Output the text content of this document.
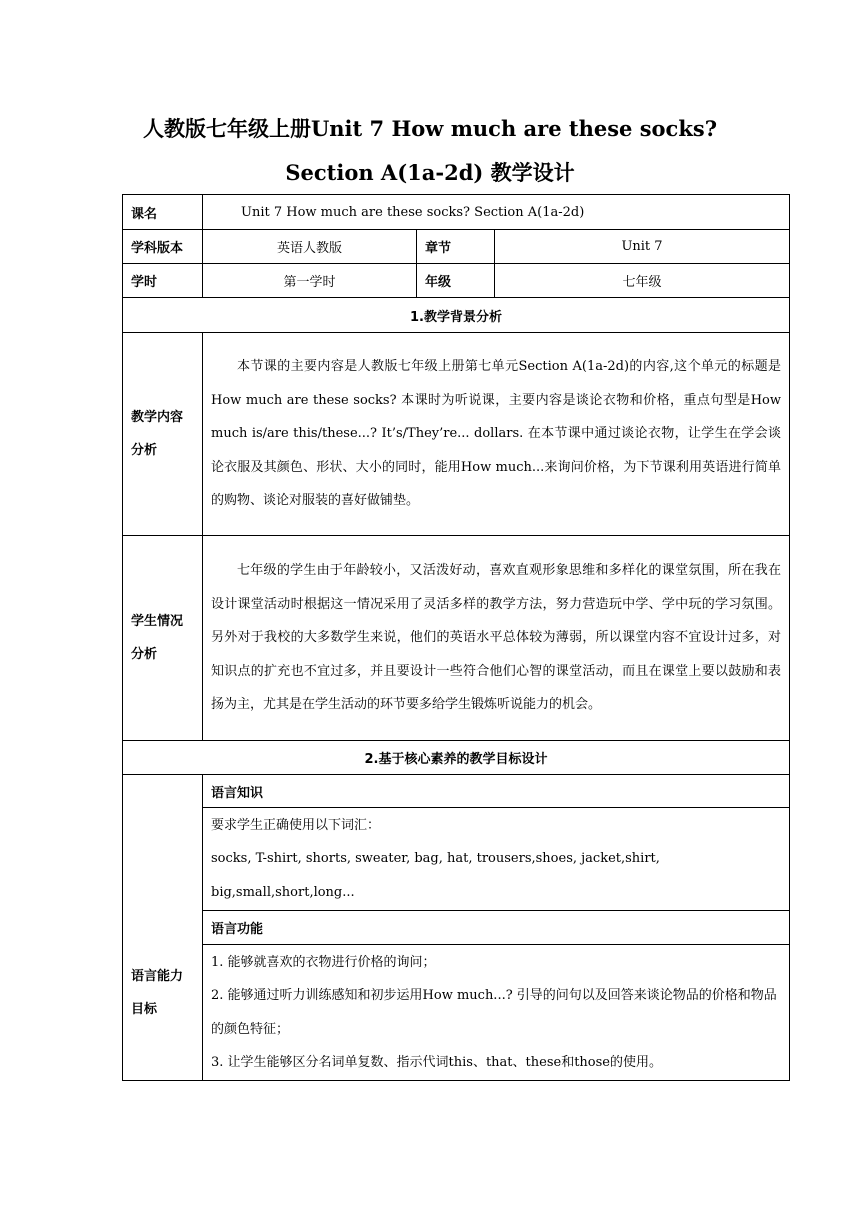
人教版七年级上册Unit 7 How much are these socks?
Section A(1a-2d) 教学设计
课名	Unit 7 How much are these socks? Section A(1a-2d)		
学科版本	英语人教版	章节	Unit 7
学时	第一学时	年级	七年级
1.教学背景分析			

教学内容
分析	本节课的主要内容是人教版七年级上册第七单元Section A(1a-2d)的内容,这个单元的标题是How much are these socks? 本课时为听说课，主要内容是谈论衣物和价格，重点句型是How much is/are this/these...? It’s/They’re... dollars. 在本节课中通过谈论衣物，让学生在学会谈论衣服及其颜色、形状、大小的同时，能用How much...来询问价格，为下节课利用英语进行简单的购物、谈论对服装的喜好做铺垫。		

学生情况
分析	七年级的学生由于年龄较小，又活泼好动，喜欢直观形象思维和多样化的课堂氛围，所在我在设计课堂活动时根据这一情况采用了灵活多样的教学方法，努力营造玩中学、学中玩的学习氛围。另外对于我校的大多数学生来说，他们的英语水平总体较为薄弱，所以课堂内容不宜设计过多，对知识点的扩充也不宜过多，并且要设计一些符合他们心智的课堂活动，而且在课堂上要以鼓励和表扬为主，尤其是在学生活动的环节要多给学生锻炼听说能力的机会。		

2.基于核心素养的教学目标设计			

语言能力
目标	语言知识		

	要求学生正确使用以下词汇：
socks, T-shirt, shorts, sweater, bag, hat, trousers,shoes, jacket,shirt,
big,small,short,long...		

	语言功能		

	1. 能够就喜欢的衣物进行价格的询问；
2. 能够通过听力训练感知和初步运用How much...? 引导的问句以及回答来谈论物品的价格和物品的颜色特征；
3. 让学生能够区分名词单复数、指示代词this、that、these和those的使用。		
